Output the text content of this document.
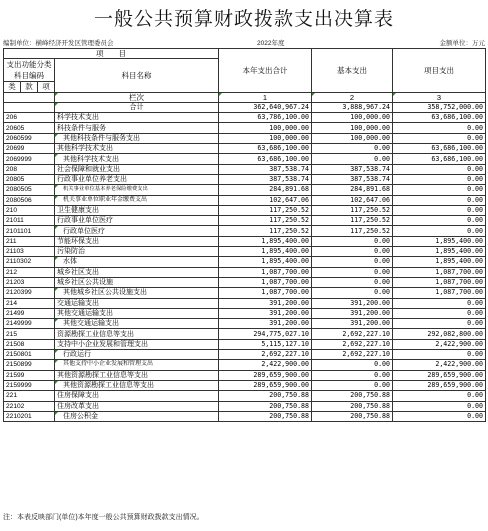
一般公共预算财政拨款支出决算表
编制单位：横峰经济开发区管理委员会	2022年度	金额单位：万元
项　　目				本年支出合计	基本支出	项目支出

支出功能分类
科目编码			科目名称			

类	款	项				

			栏次	1	2	3
			合计	362,640,967.24	3,888,967.24	358,752,000.00
206			科学技术支出	63,786,100.00	100,000.00	63,686,100.00
20605			科技条件与服务	100,000.00	100,000.00	0.00
2060599			其他科技条件与服务支出	100,000.00	100,000.00	0.00
20699			其他科学技术支出	63,686,100.00	0.00	63,686,100.00
2069999			其他科学技术支出	63,686,100.00	0.00	63,686,100.00
208			社会保障和就业支出	387,538.74	387,538.74	0.00
20805			行政事业单位养老支出	387,538.74	387,538.74	0.00
2080505			机关事业单位基本养老保险缴费支出	284,891.68	284,891.68	0.00
2080506			机关事业单位职业年金缴费支出	102,647.06	102,647.06	0.00
210			卫生健康支出	117,250.52	117,250.52	0.00
21011			行政事业单位医疗	117,250.52	117,250.52	0.00
2101101			行政单位医疗	117,250.52	117,250.52	0.00
211			节能环保支出	1,895,400.00	0.00	1,895,400.00
21103			污染防治	1,895,400.00	0.00	1,895,400.00
2110302			水体	1,895,400.00	0.00	1,895,400.00
212			城乡社区支出	1,087,700.00	0.00	1,087,700.00
21203			城乡社区公共设施	1,087,700.00	0.00	1,087,700.00
2120399			其他城乡社区公共设施支出	1,087,700.00	0.00	1,087,700.00
214			交通运输支出	391,200.00	391,200.00	0.00
21499			其他交通运输支出	391,200.00	391,200.00	0.00
2149999			其他交通运输支出	391,200.00	391,200.00	0.00
215			资源勘探工业信息等支出	294,775,027.10	2,692,227.10	292,082,800.00
21508			支持中小企业发展和管理支出	5,115,127.10	2,692,227.10	2,422,900.00
2150801			行政运行	2,692,227.10	2,692,227.10	0.00
2150899			其他支持中小企业发展和管理支出	2,422,900.00	0.00	2,422,900.00
21599			其他资源勘探工业信息等支出	289,659,900.00	0.00	289,659,900.00
2159999			其他资源勘探工业信息等支出	289,659,900.00	0.00	289,659,900.00
221			住房保障支出	200,750.88	200,750.88	0.00
22102			住房改革支出	200,750.88	200,750.88	0.00
2210201			住房公积金	200,750.88	200,750.88	0.00
注：本表反映部门(单位)本年度一般公共预算财政拨款支出情况。
